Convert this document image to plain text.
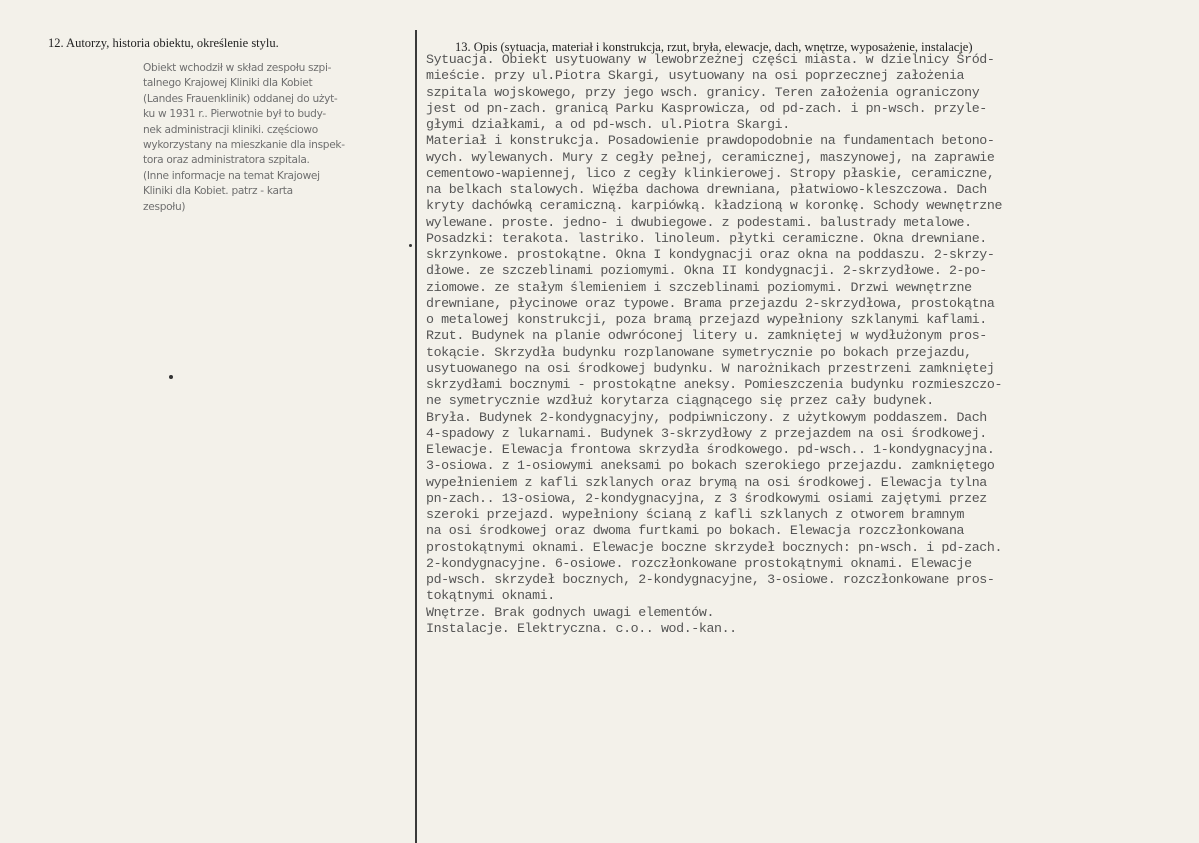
12. Autorzy, historia obiektu, określenie stylu.
Obiekt wchodził w skład zespołu szpi-
talnego Krajowej Kliniki dla Kobiet
(Landes Frauenklinik) oddanej do użyt-
ku w 1931 r.. Pierwotnie był to budy-
nek administracji kliniki. częściowo
wykorzystany na mieszkanie dla inspek-
tora oraz administratora szpitala.
(Inne informacje na temat Krajowej
Kliniki dla Kobiet. patrz - karta
zespołu)
13. Opis (sytuacja, materiał i konstrukcja, rzut, bryła, elewacje, dach, wnętrze, wyposażenie, instalacje)
Sytuacja. Obiekt usytuowany w lewobrzeżnej części miasta. w dzielnicy Śród-
mieście. przy ul.Piotra Skargi, usytuowany na osi poprzecznej założenia
szpitala wojskowego, przy jego wsch. granicy. Teren założenia ograniczony
jest od pn-zach. granicą Parku Kasprowicza, od pd-zach. i pn-wsch. przyle-
głymi działkami, a od pd-wsch. ul.Piotra Skargi.
Materiał i konstrukcja. Posadowienie prawdopodobnie na fundamentach betono-
wych. wylewanych. Mury z cegły pełnej, ceramicznej, maszynowej, na zaprawie
cementowo-wapiennej, lico z cegły klinkierowej. Stropy płaskie, ceramiczne,
na belkach stalowych. Więźba dachowa drewniana, płatwiowo-kleszczowa. Dach
kryty dachówką ceramiczną. karpiówką. kładzioną w koronkę. Schody wewnętrzne
wylewane. proste. jedno- i dwubiegowe. z podestami. balustrady metalowe.
Posadzki: terakota. lastriko. linoleum. płytki ceramiczne. Okna drewniane.
skrzynkowe. prostokątne. Okna I kondygnacji oraz okna na poddaszu. 2-skrzy-
dłowe. ze szczeblinami poziomymi. Okna II kondygnacji. 2-skrzydłowe. 2-po-
ziomowe. ze stałym ślemieniem i szczeblinami poziomymi. Drzwi wewnętrzne
drewniane, płycinowe oraz typowe. Brama przejazdu 2-skrzydłowa, prostokątna
o metalowej konstrukcji, poza bramą przejazd wypełniony szklanymi kaflami.
Rzut. Budynek na planie odwróconej litery u. zamkniętej w wydłużonym pros-
tokącie. Skrzydła budynku rozplanowane symetrycznie po bokach przejazdu,
usytuowanego na osi środkowej budynku. W narożnikach przestrzeni zamkniętej
skrzydłami bocznymi - prostokątne aneksy. Pomieszczenia budynku rozmieszczo-
ne symetrycznie wzdłuż korytarza ciągnącego się przez cały budynek.
Bryła. Budynek 2-kondygnacyjny, podpiwniczony. z użytkowym poddaszem. Dach
4-spadowy z lukarnami. Budynek 3-skrzydłowy z przejazdem na osi środkowej.
Elewacje. Elewacja frontowa skrzydła środkowego. pd-wsch.. 1-kondygnacyjna.
3-osiowa. z 1-osiowymi aneksami po bokach szerokiego przejazdu. zamkniętego
wypełnieniem z kafli szklanych oraz brymą na osi środkowej. Elewacja tylna
pn-zach.. 13-osiowa, 2-kondygnacyjna, z 3 środkowymi osiami zajętymi przez
szeroki przejazd. wypełniony ścianą z kafli szklanych z otworem bramnym
na osi środkowej oraz dwoma furtkami po bokach. Elewacja rozczłonkowana
prostokątnymi oknami. Elewacje boczne skrzydeł bocznych: pn-wsch. i pd-zach.
2-kondygnacyjne. 6-osiowe. rozczłonkowane prostokątnymi oknami. Elewacje
pd-wsch. skrzydeł bocznych, 2-kondygnacyjne, 3-osiowe. rozczłonkowane pros-
tokątnymi oknami.
Wnętrze. Brak godnych uwagi elementów.
Instalacje. Elektryczna. c.o.. wod.-kan..
